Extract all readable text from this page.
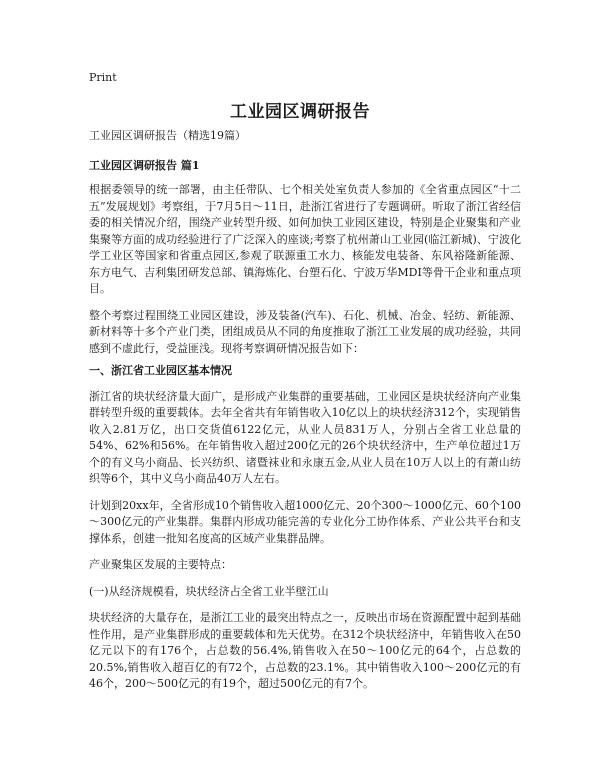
Print
工业园区调研报告
工业园区调研报告（精选19篇）
工业园区调研报告 篇1

根据委领导的统一部署，由主任带队、七个相关处室负责人参加的《全省重点园区“十二五”发展规划》考察组，于7月5日～11日，赴浙江省进行了专题调研。听取了浙江省经信委的相关情况介绍，围绕产业转型升级、如何加快工业园区建设，特别是企业聚集和产业集聚等方面的成功经验进行了广泛深入的座谈;考察了杭州萧山工业园(临江新城)、宁波化学工业区等国家和省重点园区,参观了联源重工水力、核能发电装备、东风裕隆新能源、东方电气、吉利集团研发总部、镇海炼化、台塑石化、宁波万华MDI等骨干企业和重点项目。

整个考察过程围绕工业园区建设，涉及装备(汽车)、石化、机械、冶金、轻纺、新能源、新材料等十多个产业门类，团组成员从不同的角度推取了浙江工业发展的成功经验，共同感到不虚此行，受益匪浅。现将考察调研情况报告如下：

一、浙江省工业园区基本情况

浙江省的块状经济量大面广，是形成产业集群的重要基础，工业园区是块状经济向产业集群转型升级的重要载体。去年全省共有年销售收入10亿以上的块状经济312个，实现销售收入2.81万亿，出口交货值6122亿元，从业人员831万人，分别占全省工业总量的54%、62%和56%。在年销售收入超过200亿元的26个块状经济中，生产单位超过1万个的有义乌小商品、长兴纺织、诸暨袜业和永康五金,从业人员在10万人以上的有萧山纺织等6个，其中义乌小商品40万人左右。

计划到20xx年，全省形成10个销售收入超1000亿元、20个300～1000亿元、60个100～300亿元的产业集群。集群内形成功能完善的专业化分工协作体系、产业公共平台和支撑体系，创建一批知名度高的区域产业集群品牌。

产业聚集区发展的主要特点：

(一)从经济规模看，块状经济占全省工业半壁江山

块状经济的大量存在，是浙江工业的最突出特点之一，反映出市场在资源配置中起到基础性作用，是产业集群形成的重要载体和先天优势。在312个块状经济中，年销售收入在50亿元以下的有176个，占总数的56.4%,销售收入在50～100亿元的64个，占总数的20.5%,销售收入超百亿的有72个，占总数的23.1%。其中销售收入100～200亿元的有46个，200～500亿元的有19个，超过500亿元的有7个。
